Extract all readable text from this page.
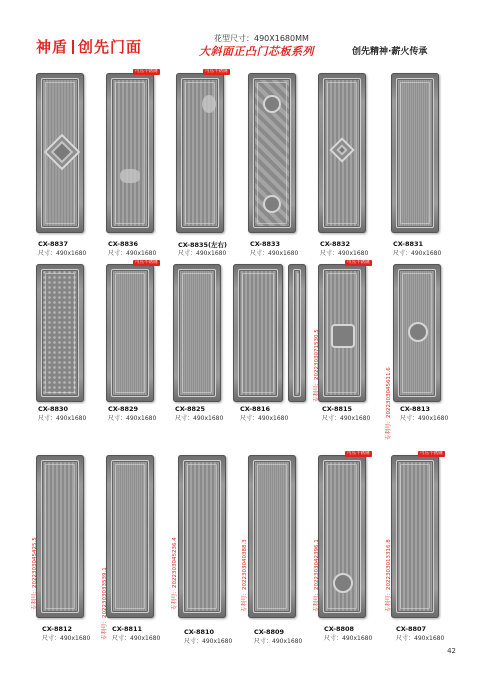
神盾 创先门面	花型尺寸：490X1680MM
大斜面正凸门芯板系列	创先精神·薪火传承
可压不锈钢	可压不锈钢
CX-8837
尺寸：490x1680
CX-8836
尺寸：490x1680
CX-8835(左右)
尺寸：490x1680
CX-8833
尺寸：490x1680
CX-8832
尺寸：490x1680
CX-8831
尺寸：490x1680
可压不锈钢	可压不锈钢
专利号：2022303071530.5
专利号：2022303045611.6
CX-8830
尺寸：490x1680
CX-8829
尺寸：490x1680
CX-8825
尺寸：490x1680
CX-8816
尺寸：490x1680
CX-8815
尺寸：490x1680
CX-8813
尺寸：490x1680
可压不锈钢	可压不锈钢
专利号：2022303045425.5	专利号：2022303033539.1	专利号：2022303045236.4	专利号：2022303040388.3	专利号：2022303042396.1	专利号：2022303013316.8
CX-8812
尺寸：490x1680
CX-8811
尺寸：490x1680
CX-8810
尺寸：490x1680
CX-8809
尺寸：490x1680
CX-8808
尺寸：490x1680
CX-8807
尺寸：490x1680
42
